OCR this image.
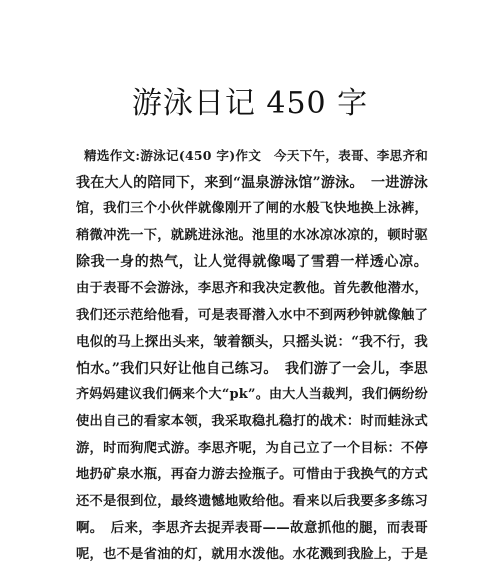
游泳日记 450 字
精选作文:游泳记(450 字)作文　今天下午，表哥、李思齐和
我在大人的陪同下，来到“温泉游泳馆”游泳。　一进游泳
馆，我们三个小伙伴就像刚开了闸的水般飞快地换上泳裤，
稍微冲洗一下，就跳进泳池。池里的水冰凉冰凉的，顿时驱
除我一身的热气，让人觉得就像喝了雪碧一样透心凉。
由于表哥不会游泳，李思齐和我决定教他。首先教他潜水，
我们还示范给他看，可是表哥潜入水中不到两秒钟就像触了
电似的马上探出头来，皱着额头，只摇头说：“我不行，我
怕水。”我们只好让他自己练习。　我们游了一会儿，李思
齐妈妈建议我们俩来个大“pk”。由大人当裁判，我们俩纷纷
使出自己的看家本领，我采取稳扎稳打的战术：时而蛙泳式
游，时而狗爬式游。李思齐呢，为自己立了一个目标：不停
地扔矿泉水瓶，再奋力游去捡瓶子。可惜由于我换气的方式
还不是很到位，最终遗憾地败给他。看来以后我要多多练习
啊。　后来，李思齐去捉弄表哥——故意抓他的腿，而表哥
呢，也不是省油的灯，就用水泼他。水花溅到我脸上，于是
